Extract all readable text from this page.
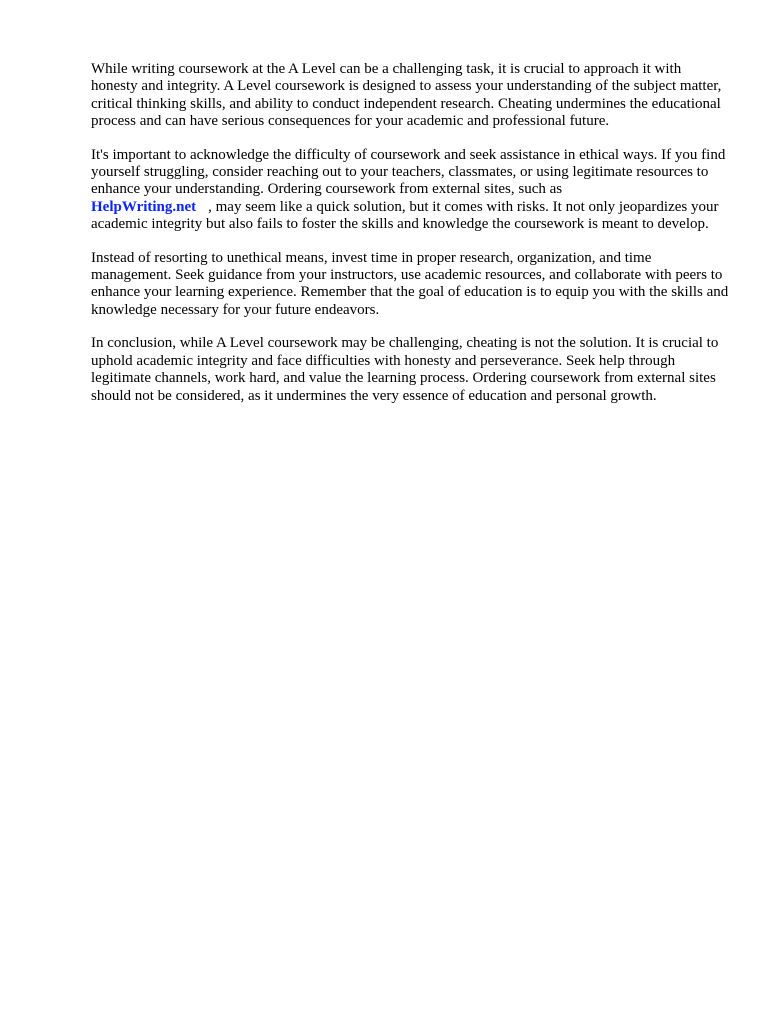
While writing coursework at the A Level can be a challenging task, it is crucial to approach it with honesty and integrity. A Level coursework is designed to assess your understanding of the subject matter, critical thinking skills, and ability to conduct independent research. Cheating undermines the educational process and can have serious consequences for your academic and professional future.

It's important to acknowledge the difficulty of coursework and seek assistance in ethical ways. If you find yourself struggling, consider reaching out to your teachers, classmates, or using legitimate resources to enhance your understanding. Ordering coursework from external sites, such as
HelpWriting.net , may seem like a quick solution, but it comes with risks. It not only jeopardizes your academic integrity but also fails to foster the skills and knowledge the coursework is meant to develop.

Instead of resorting to unethical means, invest time in proper research, organization, and time management. Seek guidance from your instructors, use academic resources, and collaborate with peers to enhance your learning experience. Remember that the goal of education is to equip you with the skills and knowledge necessary for your future endeavors.

In conclusion, while A Level coursework may be challenging, cheating is not the solution. It is crucial to uphold academic integrity and face difficulties with honesty and perseverance. Seek help through legitimate channels, work hard, and value the learning process. Ordering coursework from external sites should not be considered, as it undermines the very essence of education and personal growth.
